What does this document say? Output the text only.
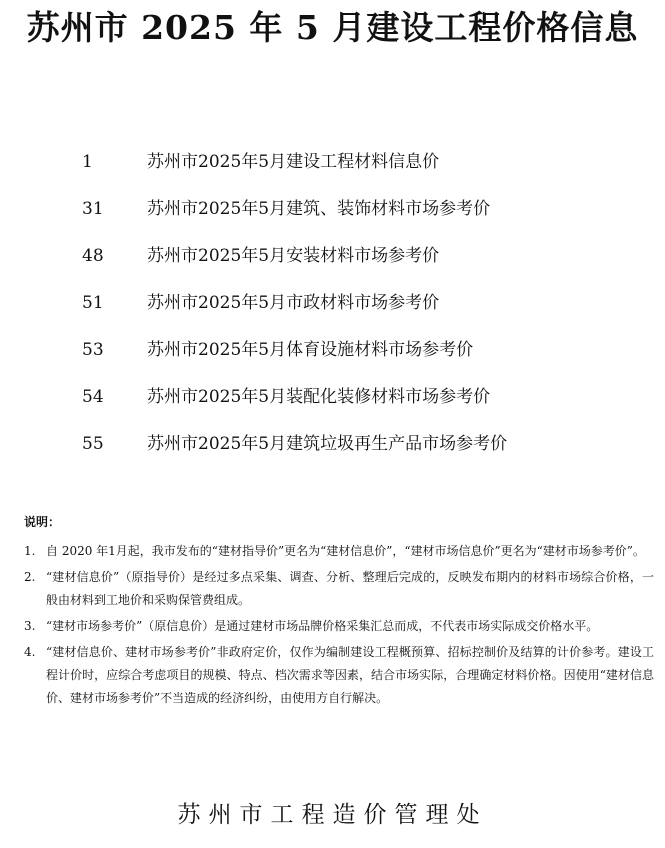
苏州市 2025 年 5 月建设工程价格信息
1	苏州市2025年5月建设工程材料信息价
31	苏州市2025年5月建筑、装饰材料市场参考价
48	苏州市2025年5月安装材料市场参考价
51	苏州市2025年5月市政材料市场参考价
53	苏州市2025年5月体育设施材料市场参考价
54	苏州市2025年5月装配化装修材料市场参考价
55	苏州市2025年5月建筑垃圾再生产品市场参考价
说明：
1. 自 2020 年1月起，我市发布的“建材指导价”更名为“建材信息价”，“建材市场信息价”更名为“建材市场参考价”。
2. “建材信息价”（原指导价）是经过多点采集、调查、分析、整理后完成的，反映发布期内的材料市场综合价格，一般由材料到工地价和采购保管费组成。
3. “建材市场参考价”（原信息价）是通过建材市场品牌价格采集汇总而成，不代表市场实际成交价格水平。
4. “建材信息价、建材市场参考价”非政府定价，仅作为编制建设工程概预算、招标控制价及结算的计价参考。建设工程计价时，应综合考虑项目的规模、特点、档次需求等因素，结合市场实际，合理确定材料价格。因使用“建材信息价、建材市场参考价”不当造成的经济纠纷，由使用方自行解决。
苏州市工程造价管理处
